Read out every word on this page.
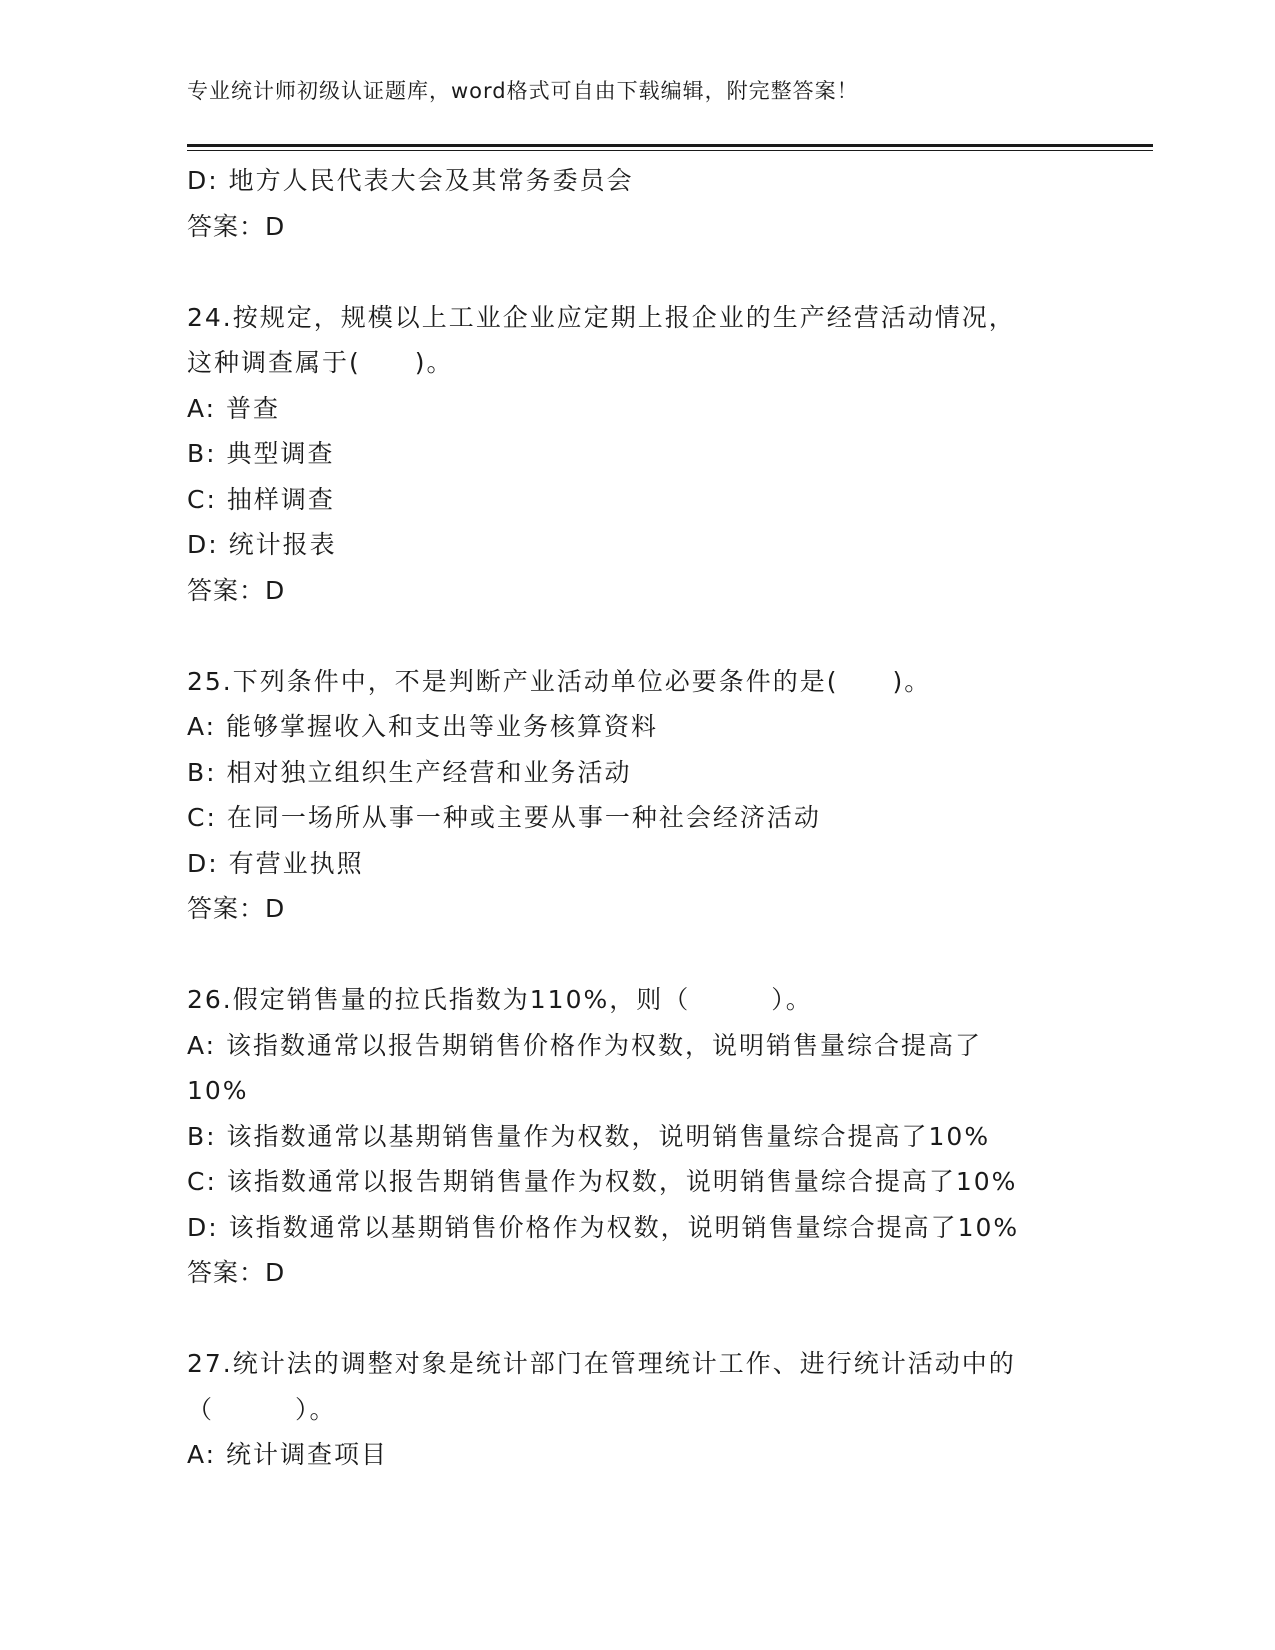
专业统计师初级认证题库，word格式可自由下载编辑，附完整答案！
D: 地方人民代表大会及其常务委员会
答案：D
24.按规定，规模以上工业企业应定期上报企业的生产经营活动情况，
这种调查属于(　　)。
A: 普查
B: 典型调查
C: 抽样调查
D: 统计报表
答案：D
25.下列条件中，不是判断产业活动单位必要条件的是(　　)。
A: 能够掌握收入和支出等业务核算资料
B: 相对独立组织生产经营和业务活动
C: 在同一场所从事一种或主要从事一种社会经济活动
D: 有营业执照
答案：D
26.假定销售量的拉氏指数为110%，则（　　　）。
A: 该指数通常以报告期销售价格作为权数，说明销售量综合提高了
10%
B: 该指数通常以基期销售量作为权数，说明销售量综合提高了10%
C: 该指数通常以报告期销售量作为权数，说明销售量综合提高了10%
D: 该指数通常以基期销售价格作为权数，说明销售量综合提高了10%
答案：D
27.统计法的调整对象是统计部门在管理统计工作、进行统计活动中的
（　　　）。
A: 统计调查项目
